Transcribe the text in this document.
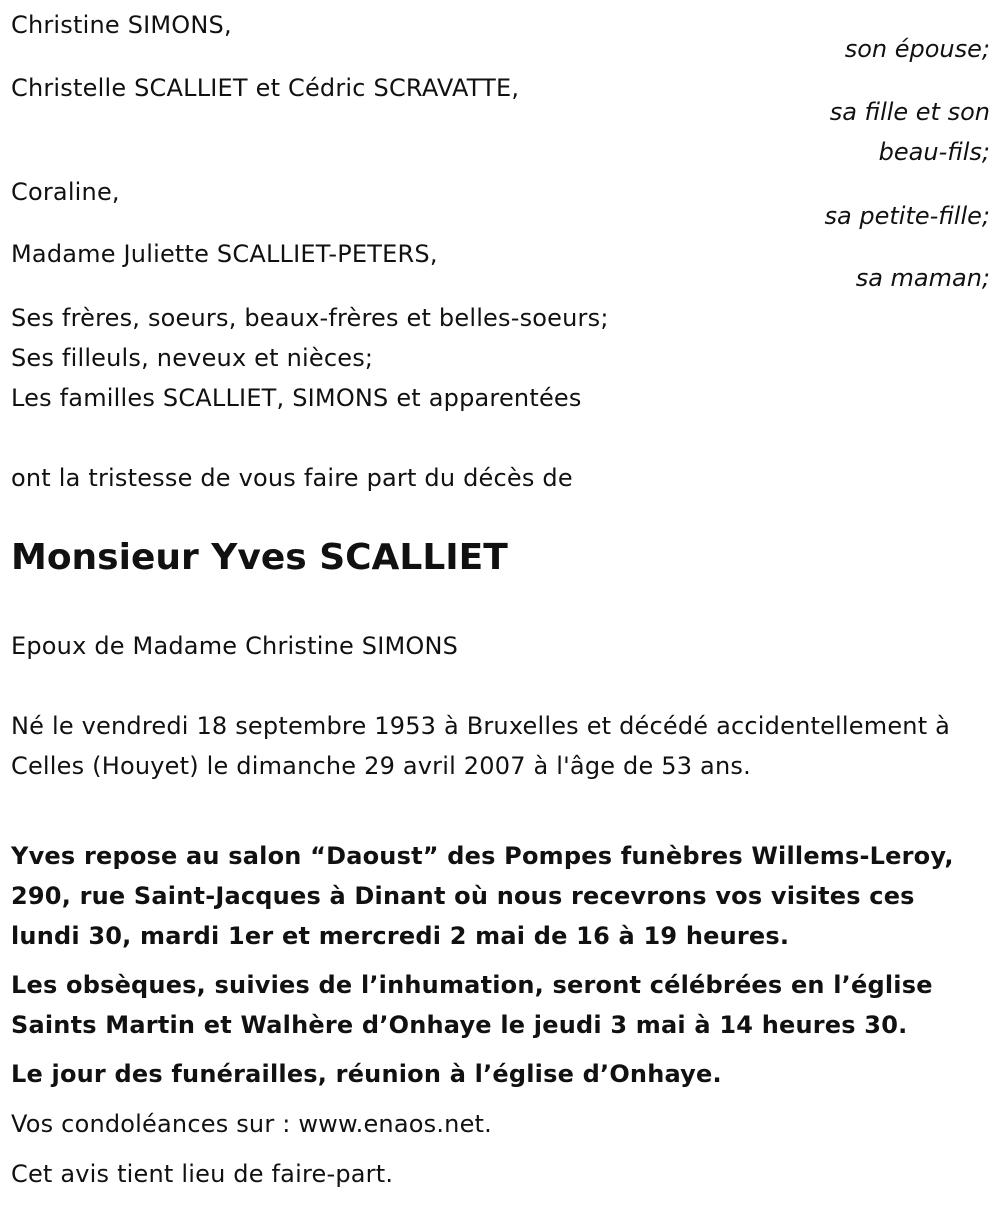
Christine SIMONS,
son épouse;
Christelle SCALLIET et Cédric SCRAVATTE,
sa fille et son
beau-fils;
Coraline,
sa petite-fille;
Madame Juliette SCALLIET-PETERS,
sa maman;
Ses frères, soeurs, beaux-frères et belles-soeurs;
Ses filleuls, neveux et nièces;
Les familles SCALLIET, SIMONS et apparentées
ont la tristesse de vous faire part du décès de
Monsieur Yves SCALLIET
Epoux de Madame Christine SIMONS
Né le vendredi 18 septembre 1953 à Bruxelles et décédé accidentellement à Celles (Houyet) le dimanche 29 avril 2007 à l'âge de 53 ans.
Yves repose au salon “Daoust” des Pompes funèbres Willems-Leroy, 290, rue Saint-Jacques à Dinant où nous recevrons vos visites ces lundi 30, mardi 1er et mercredi 2 mai de 16 à 19 heures.
Les obsèques, suivies de l’inhumation, seront célébrées en l’église Saints Martin et Walhère d’Onhaye le jeudi 3 mai à 14 heures 30.
Le jour des funérailles, réunion à l’église d’Onhaye.
Vos condoléances sur : www.enaos.net.
Cet avis tient lieu de faire-part.
